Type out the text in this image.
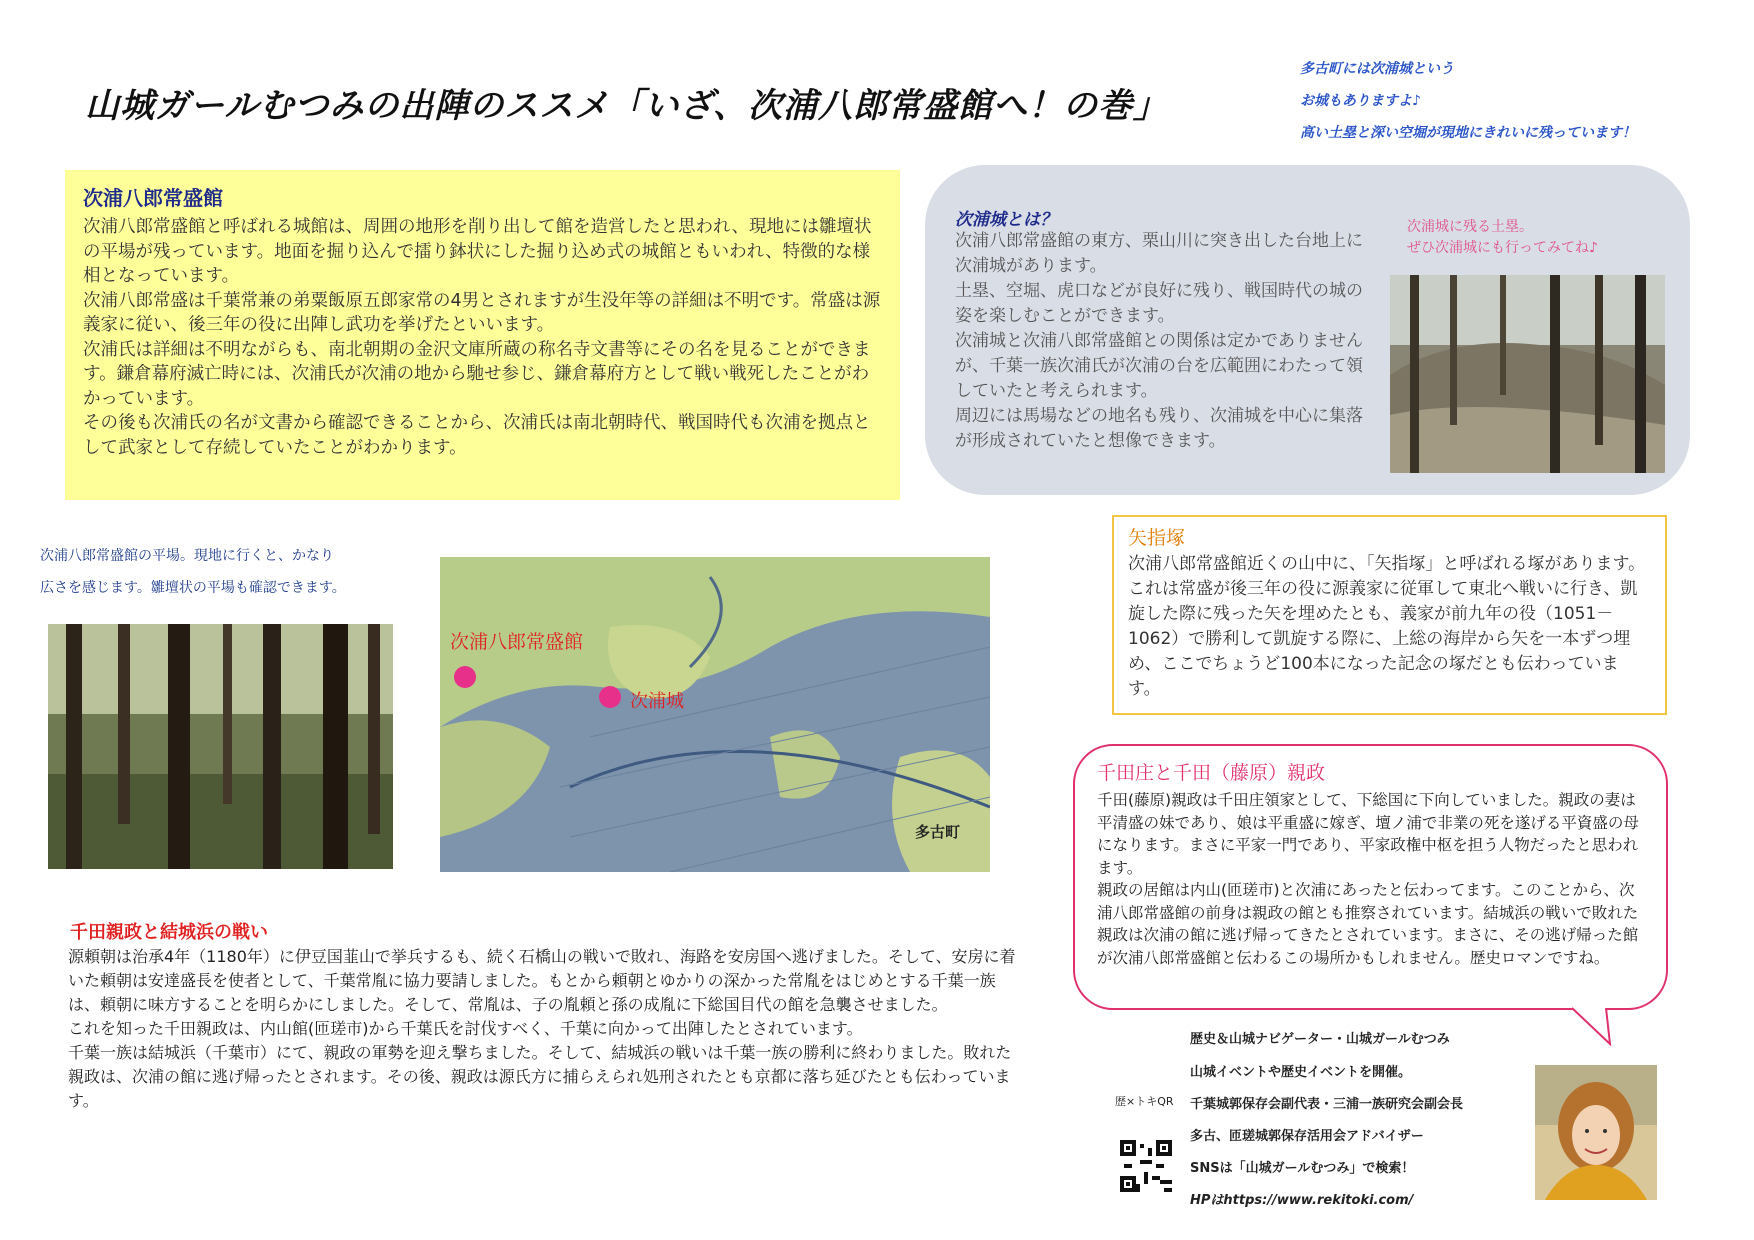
山城ガールむつみの出陣のススメ「いざ、次浦八郎常盛館へ！の巻」
多古町には次浦城という
お城もありますよ♪
高い土塁と深い空堀が現地にきれいに残っています！
次浦八郎常盛館

次浦八郎常盛館と呼ばれる城館は、周囲の地形を削り出して館を造営したと思われ、現地には雛壇状の平場が残っています。地面を掘り込んで擂り鉢状にした掘り込め式の城館ともいわれ、特徴的な様相となっています。

次浦八郎常盛は千葉常兼の弟粟飯原五郎家常の4男とされますが生没年等の詳細は不明です。常盛は源義家に従い、後三年の役に出陣し武功を挙げたといいます。

次浦氏は詳細は不明ながらも、南北朝期の金沢文庫所蔵の称名寺文書等にその名を見ることができます。鎌倉幕府滅亡時には、次浦氏が次浦の地から馳せ参じ、鎌倉幕府方として戦い戦死したことがわかっています。

その後も次浦氏の名が文書から確認できることから、次浦氏は南北朝時代、戦国時代も次浦を拠点と して武家として存続していたことがわかります。

次浦城とは？

次浦八郎常盛館の東方、栗山川に突き出した台地上に次浦城があります。
土塁、空堀、虎口などが良好に残り、戦国時代の城の姿を楽しむことができます。
次浦城と次浦八郎常盛館との関係は定かでありませんが、千葉一族次浦氏が次浦の台を広範囲にわたって領していたと考えられます。
周辺には馬場などの地名も残り、次浦城を中心に集落が形成されていたと想像できます。

次浦城に残る土塁。
ぜひ次浦城にも行ってみてね♪
次浦八郎常盛館の平場。現地に行くと、かなり
広さを感じます。雛壇状の平場も確認できます。
次浦八郎常盛館
次浦城
多古町
矢指塚

次浦八郎常盛館近くの山中に、「矢指塚」と呼ばれる塚があります。これは常盛が後三年の役に源義家に従軍して東北へ戦いに行き、凱旋した際に残った矢を埋めたとも、義家が前九年の役（1051－1062）で勝利して凱旋する際に、上総の海岸から矢を一本ずつ埋め、ここでちょうど100本になった記念の塚だとも伝わっています。

千田庄と千田（藤原）親政

千田(藤原)親政は千田庄領家として、下総国に下向していました。親政の妻は平清盛の妹であり、娘は平重盛に嫁ぎ、壇ノ浦で非業の死を遂げる平資盛の母になります。まさに平家一門であり、平家政権中枢を担う人物だったと思われます。

親政の居館は内山(匝瑳市)と次浦にあったと伝わってます。このことから、次浦八郎常盛館の前身は親政の館とも推察されています。結城浜の戦いで敗れた親政は次浦の館に逃げ帰ってきたとされています。まさに、その逃げ帰った館が次浦八郎常盛館と伝わるこの場所かもしれません。歴史ロマンですね。

千田親政と結城浜の戦い
源頼朝は治承4年（1180年）に伊豆国韮山で挙兵するも、続く石橋山の戦いで敗れ、海路を安房国へ逃げました。そして、安房に着いた頼朝は安達盛長を使者として、千葉常胤に協力要請しました。もとから頼朝とゆかりの深かった常胤をはじめとする千葉一族は、頼朝に味方することを明らかにしました。そして、常胤は、子の胤頼と孫の成胤に下総国目代の館を急襲させました。
これを知った千田親政は、内山館(匝瑳市)から千葉氏を討伐すべく、千葉に向かって出陣したとされています。
千葉一族は結城浜（千葉市）にて、親政の軍勢を迎え撃ちました。そして、結城浜の戦いは千葉一族の勝利に終わりました。敗れた親政は、次浦の館に逃げ帰ったとされます。その後、親政は源氏方に捕らえられ処刑されたとも京都に落ち延びたとも伝わっています。
歴史＆山城ナビゲーター・山城ガールむつみ
山城イベントや歴史イベントを開催。
千葉城郭保存会副代表・三浦一族研究会副会長
多古、匝瑳城郭保存活用会アドバイザー
SNSは「山城ガールむつみ」で検索！
HPはhttps://www.rekitoki.com/
歴×トキQR
